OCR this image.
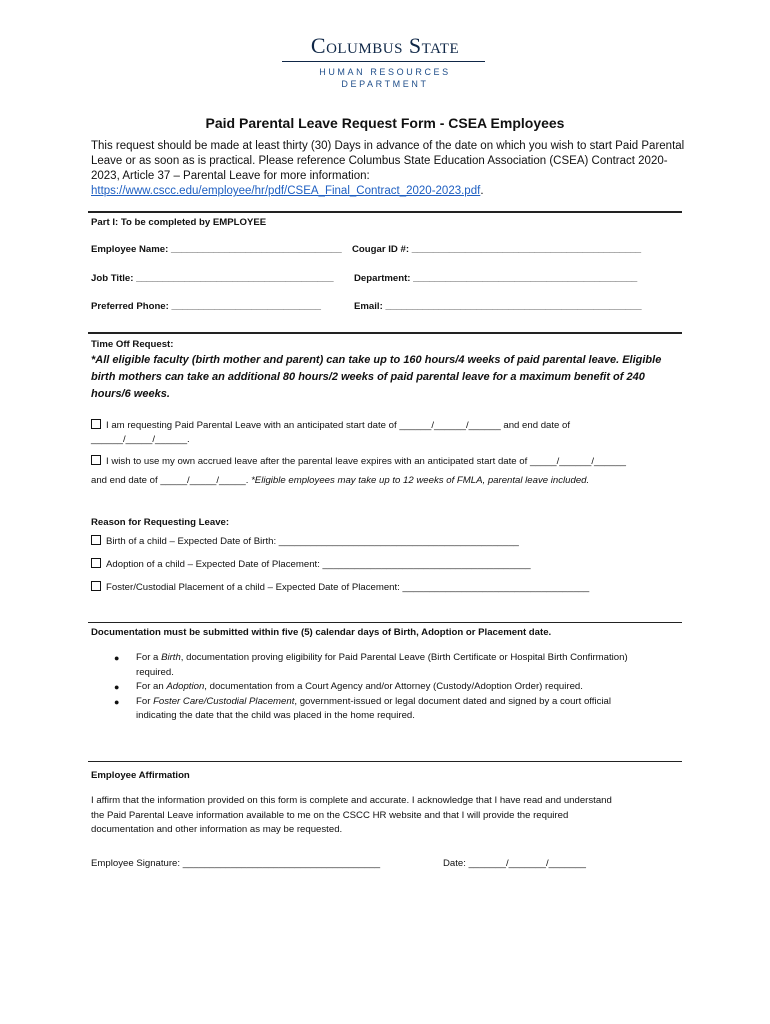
Columbus State
HUMAN RESOURCES
DEPARTMENT
Paid Parental Leave Request Form - CSEA Employees
This request should be made at least thirty (30) Days in advance of the date on which you wish to start Paid Parental
Leave or as soon as is practical. Please reference Columbus State Education Association (CSEA) Contract 2020-
2023, Article 37 – Parental Leave for more information:
https://www.cscc.edu/employee/hr/pdf/CSEA_Final_Contract_2020-2023.pdf.
Part I: To be completed by EMPLOYEE
Employee Name: ________________________________ Cougar ID #: ___________________________________________
Job Title: _____________________________________ Department: __________________________________________
Preferred Phone: ____________________________	Email: ________________________________________________
Time Off Request:
*All eligible faculty (birth mother and parent) can take up to 160 hours/4 weeks of paid parental leave. Eligible
birth mothers can take an additional 80 hours/2 weeks of paid parental leave for a maximum benefit of 240
hours/6 weeks.
I am requesting Paid Parental Leave with an anticipated start date of ______/______/______ and end date of
______/_____/______.
I wish to use my own accrued leave after the parental leave expires with an anticipated start date of _____/______/______
and end date of _____/_____/_____. *Eligible employees may take up to 12 weeks of FMLA, parental leave included.
Reason for Requesting Leave:
Birth of a child – Expected Date of Birth: _____________________________________________
Adoption of a child – Expected Date of Placement: _______________________________________
Foster/Custodial Placement of a child – Expected Date of Placement: ___________________________________
Documentation must be submitted within five (5) calendar days of Birth, Adoption or Placement date.
● For a Birth, documentation proving eligibility for Paid Parental Leave (Birth Certificate or Hospital Birth Confirmation)
required.
● For an Adoption, documentation from a Court Agency and/or Attorney (Custody/Adoption Order) required.
● For Foster Care/Custodial Placement, government-issued or legal document dated and signed by a court official
indicating the date that the child was placed in the home required.
Employee Affirmation
I affirm that the information provided on this form is complete and accurate. I acknowledge that I have read and understand
the Paid Parental Leave information available to me on the CSCC HR website and that I will provide the required
documentation and other information as may be requested.
Employee Signature: _____________________________________	Date: _______/_______/_______
